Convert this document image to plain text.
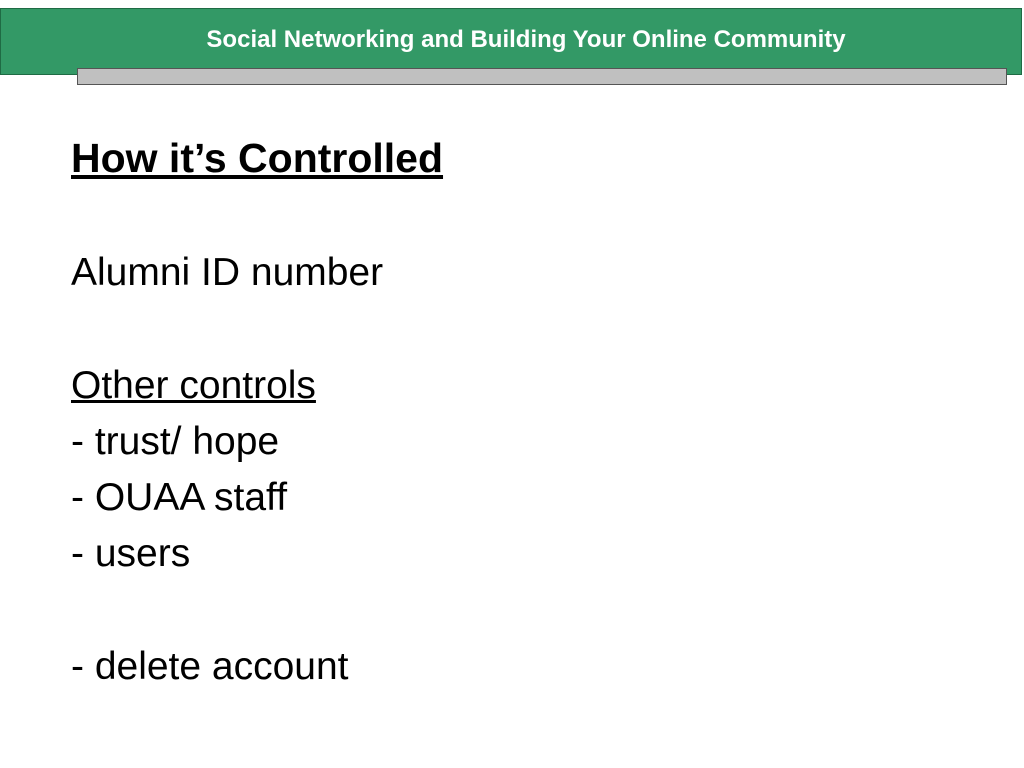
Social Networking and Building Your Online Community
How it’s Controlled
Alumni ID number
Other controls
- trust/ hope
- OUAA staff
- users
- delete account
